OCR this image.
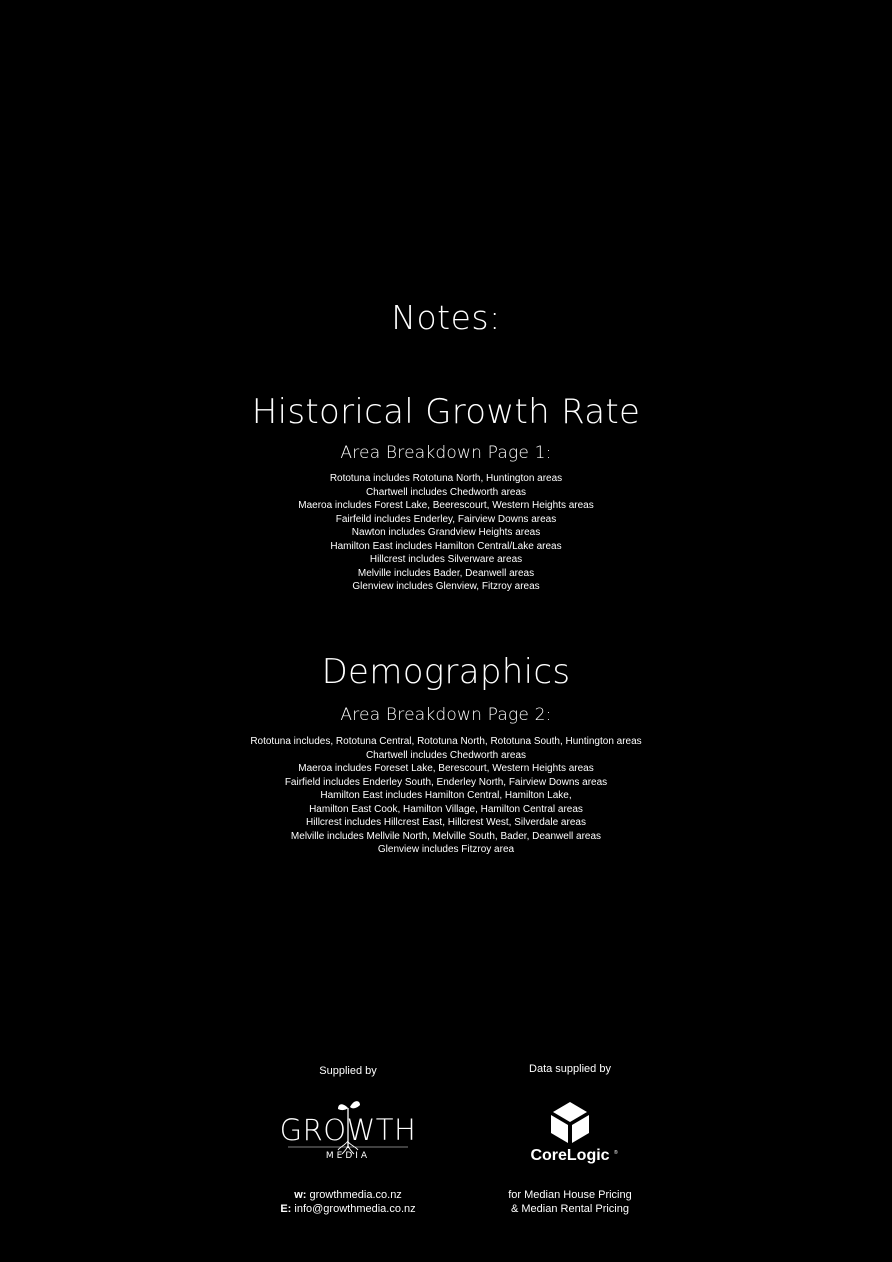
Notes:
Historical Growth Rate
Area Breakdown Page 1:
Rototuna includes Rototuna North, Huntington areas
Chartwell includes Chedworth areas
Maeroa includes Forest Lake, Beerescourt, Western Heights areas
Fairfeild includes Enderley, Fairview Downs areas
Nawton includes Grandview Heights areas
Hamilton East includes Hamilton Central/Lake areas
Hillcrest includes Silverware areas
Melville includes Bader, Deanwell areas
Glenview includes Glenview, Fitzroy areas
Demographics
Area Breakdown Page 2:
Rototuna includes, Rototuna Central, Rototuna North, Rototuna South, Huntington areas
Chartwell includes Chedworth areas
Maeroa includes Foreset Lake, Berescourt, Western Heights areas
Fairfield includes Enderley South, Enderley North, Fairview Downs areas
Hamilton East includes Hamilton Central, Hamilton Lake,
Hamilton East Cook, Hamilton Village, Hamilton Central areas
Hillcrest includes Hillcrest East, Hillcrest West, Silverdale areas
Melville includes Mellvile North, Melville South, Bader, Deanwell areas
Glenview includes Fitzroy area
Supplied by	Data supplied by
GROWTH
MEDIA	CoreLogic ®
w: growthmedia.co.nz
E: info@growthmedia.co.nz
for Median House Pricing
& Median Rental Pricing
